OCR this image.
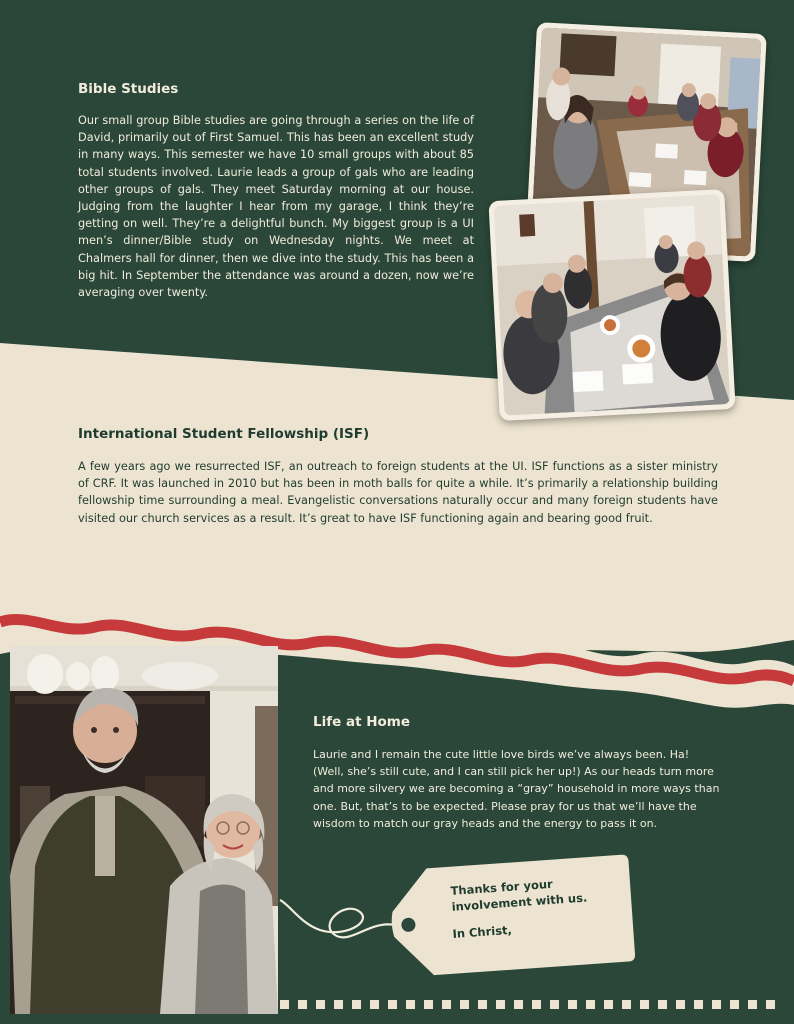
Bible Studies

Our small group Bible studies are going through a series on the life of David, primarily out of First Samuel. This has been an excellent study in many ways. This semester we have 10 small groups with about 85 total students involved. Laurie leads a group of gals who are leading other groups of gals. They meet Saturday morning at our house. Judging from the laughter I hear from my garage, I think they’re getting on well. They’re a delightful bunch. My biggest group is a UI men’s dinner/Bible study on Wednesday nights. We meet at Chalmers hall for dinner, then we dive into the study. This has been a big hit. In September the attendance was around a dozen, now we’re averaging over twenty.

International Student Fellowship (ISF)

A few years ago we resurrected ISF, an outreach to foreign students at the UI. ISF functions as a sister ministry of CRF. It was launched in 2010 but has been in moth balls for quite a while. It’s primarily a relationship building fellowship time surrounding a meal. Evangelistic conversations naturally occur and many foreign students have visited our church services as a result. It’s great to have ISF functioning again and bearing good fruit.

Life at Home

Laurie and I remain the cute little love birds we’ve always been. Ha! (Well, she’s still cute, and I can still pick her up!) As our heads turn more and more silvery we are becoming a “gray” household in more ways than one. But, that’s to be expected. Please pray for us that we’ll have the wisdom to match our gray heads and the energy to pass it on.

Thanks for your involvement with us.
In Christ,
